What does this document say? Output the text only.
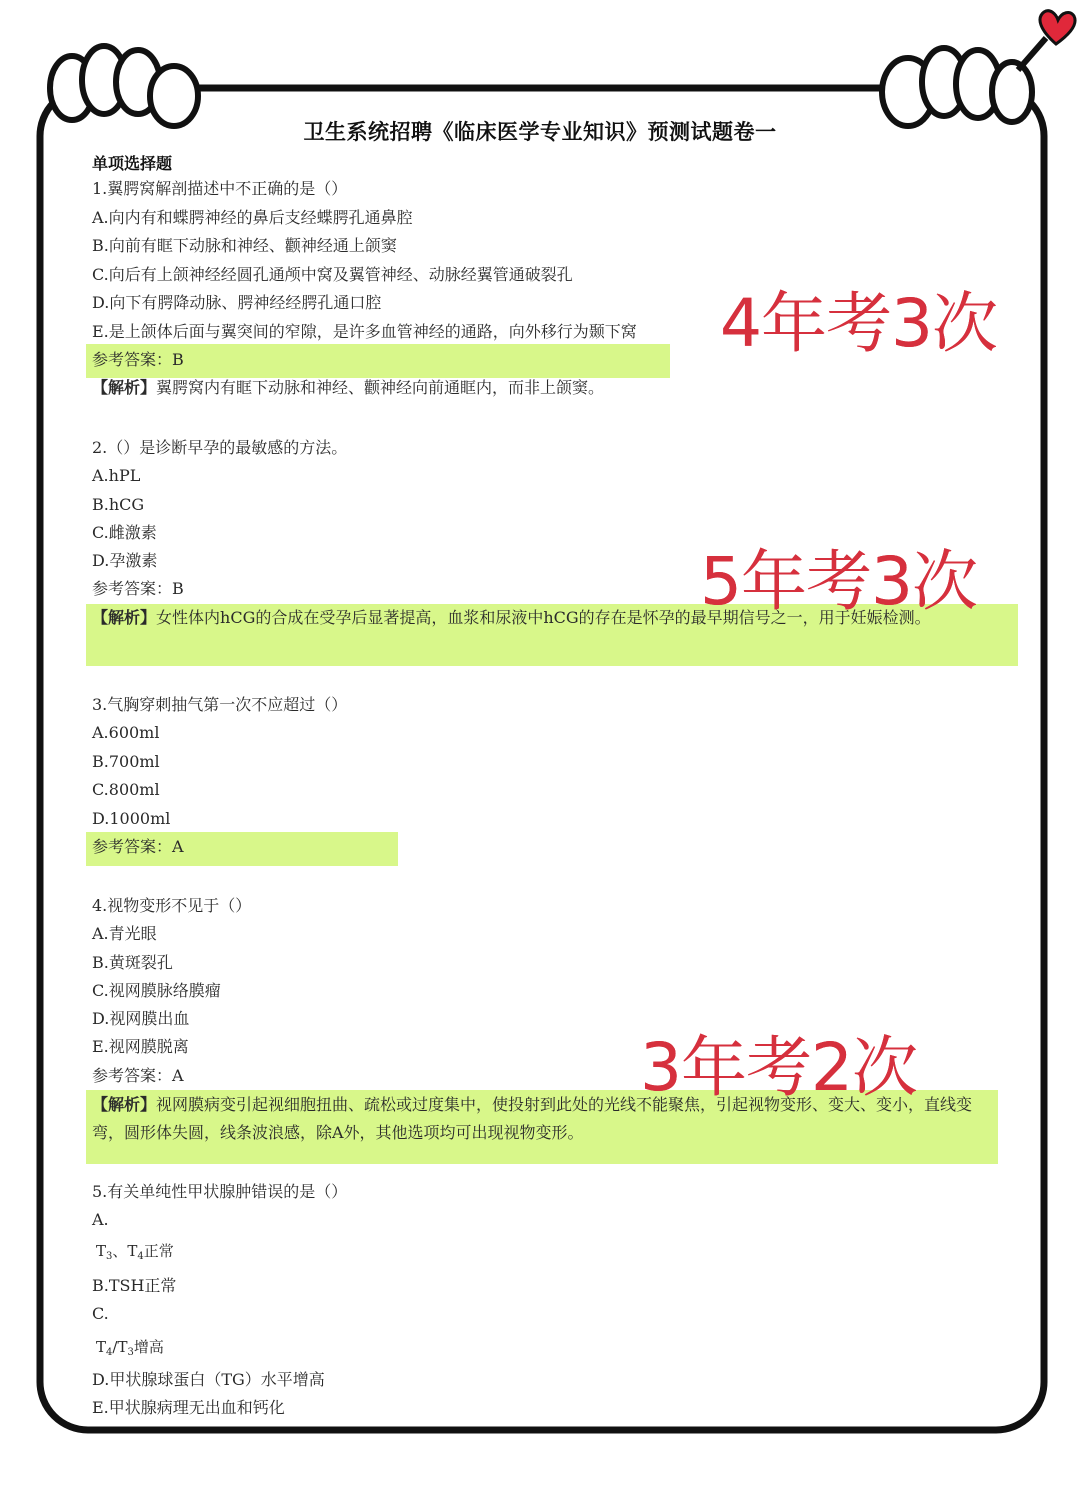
卫生系统招聘《临床医学专业知识》预测试题卷一
单项选择题
1.翼腭窝解剖描述中不正确的是（）
A.向内有和蝶腭神经的鼻后支经蝶腭孔通鼻腔
B.向前有眶下动脉和神经、颧神经通上颌窦
C.向后有上颌神经经圆孔通颅中窝及翼管神经、动脉经翼管通破裂孔
D.向下有腭降动脉、腭神经经腭孔通口腔
E.是上颌体后面与翼突间的窄隙，是许多血管神经的通路，向外移行为颞下窝
参考答案：B
【解析】翼腭窝内有眶下动脉和神经、颧神经向前通眶内，而非上颌窦。
2.（）是诊断早孕的最敏感的方法。
A.hPL
B.hCG
C.雌激素
D.孕激素
参考答案：B
【解析】女性体内hCG的合成在受孕后显著提高，血浆和尿液中hCG的存在是怀孕的最早期信号之一，用于妊娠检测。
3.气胸穿刺抽气第一次不应超过（）
A.600ml
B.700ml
C.800ml
D.1000ml
参考答案：A
4.视物变形不见于（）
A.青光眼
B.黄斑裂孔
C.视网膜脉络膜瘤
D.视网膜出血
E.视网膜脱离
参考答案：A
【解析】视网膜病变引起视细胞扭曲、疏松或过度集中，使投射到此处的光线不能聚焦，引起视物变形、变大、变小，直线变弯，圆形体失圆，线条波浪感，除A外，其他选项均可出现视物变形。
5.有关单纯性甲状腺肿错误的是（）
A.
$T_3$、$T_4$正常
B.TSH正常
C.
$T_4/T_3$增高
D.甲状腺球蛋白（TG）水平增高
E.甲状腺病理无出血和钙化
4年考3次
5年考3次
3年考2次
